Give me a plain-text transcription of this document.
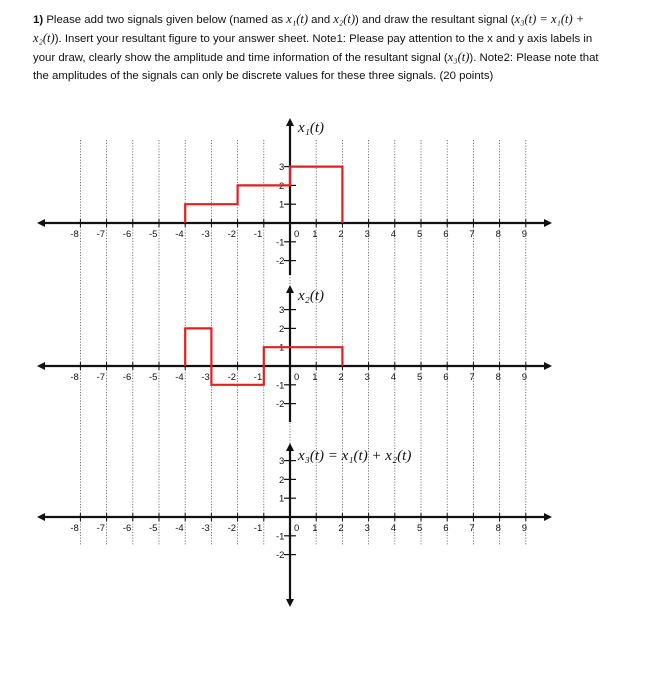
1) Please add two signals given below (named as x₁(t) and x₂(t)) and draw the resultant signal (x₃(t) = x₁(t) + x₂(t)). Insert your resultant figure to your answer sheet. Note1: Please pay attention to the x and y axis labels in your draw, clearly show the amplitude and time information of the resultant signal (x₃(t)). Note2: Please note that the amplitudes of the signals can only be discrete values for these three signals. (20 points)
-8 -7 -6 -5 -4 -3 -2 -1	0 1 2 3 4 5 6 7 8 9
3
2
1
-1
-2
x₁(t)
-8 -7 -6 -5 -4 -3 -2 -1	0 1 2 3 4 5 6 7 8 9
3
2
1
-1
-2
x₂(t)
-8 -7 -6 -5 -4 -3 -2 -1	0 1 2 3 4 5 6 7 8 9
3
2
1
-1
-2
x₃(t) = x₁(t) + x₂(t)
